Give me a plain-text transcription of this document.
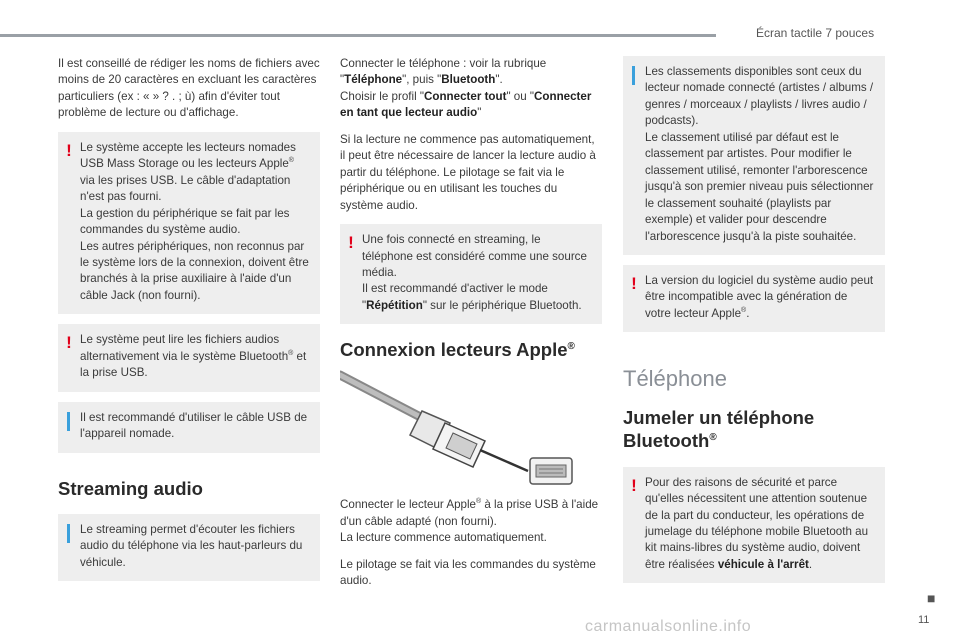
Écran tactile 7 pouces

Il est conseillé de rédiger les noms de fichiers avec moins de 20 caractères en excluant les caractères particuliers (ex : « » ? . ; ù) afin d'éviter tout problème de lecture ou d'affichage.

! Le système accepte les lecteurs nomades USB Mass Storage ou les lecteurs Apple® via les prises USB. Le câble d'adaptation n'est pas fourni.
La gestion du périphérique se fait par les commandes du système audio.
Les autres périphériques, non reconnus par le système lors de la connexion, doivent être branchés à la prise auxiliaire à l'aide d'un câble Jack (non fourni).
! Le système peut lire les fichiers audios alternativement via le système Bluetooth® et la prise USB.
Il est recommandé d'utiliser le câble USB de l'appareil nomade.
Streaming audio
Le streaming permet d'écouter les fichiers audio du téléphone via les haut-parleurs du véhicule.

Connecter le téléphone : voir la rubrique "Téléphone", puis "Bluetooth".
Choisir le profil "Connecter tout" ou "Connecter en tant que lecteur audio"

Si la lecture ne commence pas automatiquement, il peut être nécessaire de lancer la lecture audio à partir du téléphone. Le pilotage se fait via le périphérique ou en utilisant les touches du système audio.

! Une fois connecté en streaming, le téléphone est considéré comme une source média.
Il est recommandé d'activer le mode "Répétition" sur le périphérique Bluetooth.
Connexion lecteurs Apple®

Connecter le lecteur Apple® à la prise USB à l'aide d'un câble adapté (non fourni).
La lecture commence automatiquement.

Le pilotage se fait via les commandes du système audio.

Les classements disponibles sont ceux du lecteur nomade connecté (artistes / albums / genres / morceaux / playlists / livres audio / podcasts).
Le classement utilisé par défaut est le classement par artistes. Pour modifier le classement utilisé, remonter l'arborescence jusqu'à son premier niveau puis sélectionner le classement souhaité (playlists par exemple) et valider pour descendre l'arborescence jusqu'à la piste souhaitée.
! La version du logiciel du système audio peut être incompatible avec la génération de votre lecteur Apple®.
Téléphone
Jumeler un téléphone Bluetooth®
! Pour des raisons de sécurité et parce qu'elles nécessitent une attention soutenue de la part du conducteur, les opérations de jumelage du téléphone mobile Bluetooth au kit mains-libres du système audio, doivent être réalisées véhicule à l'arrêt.
■
11
carmanualsonline.info
